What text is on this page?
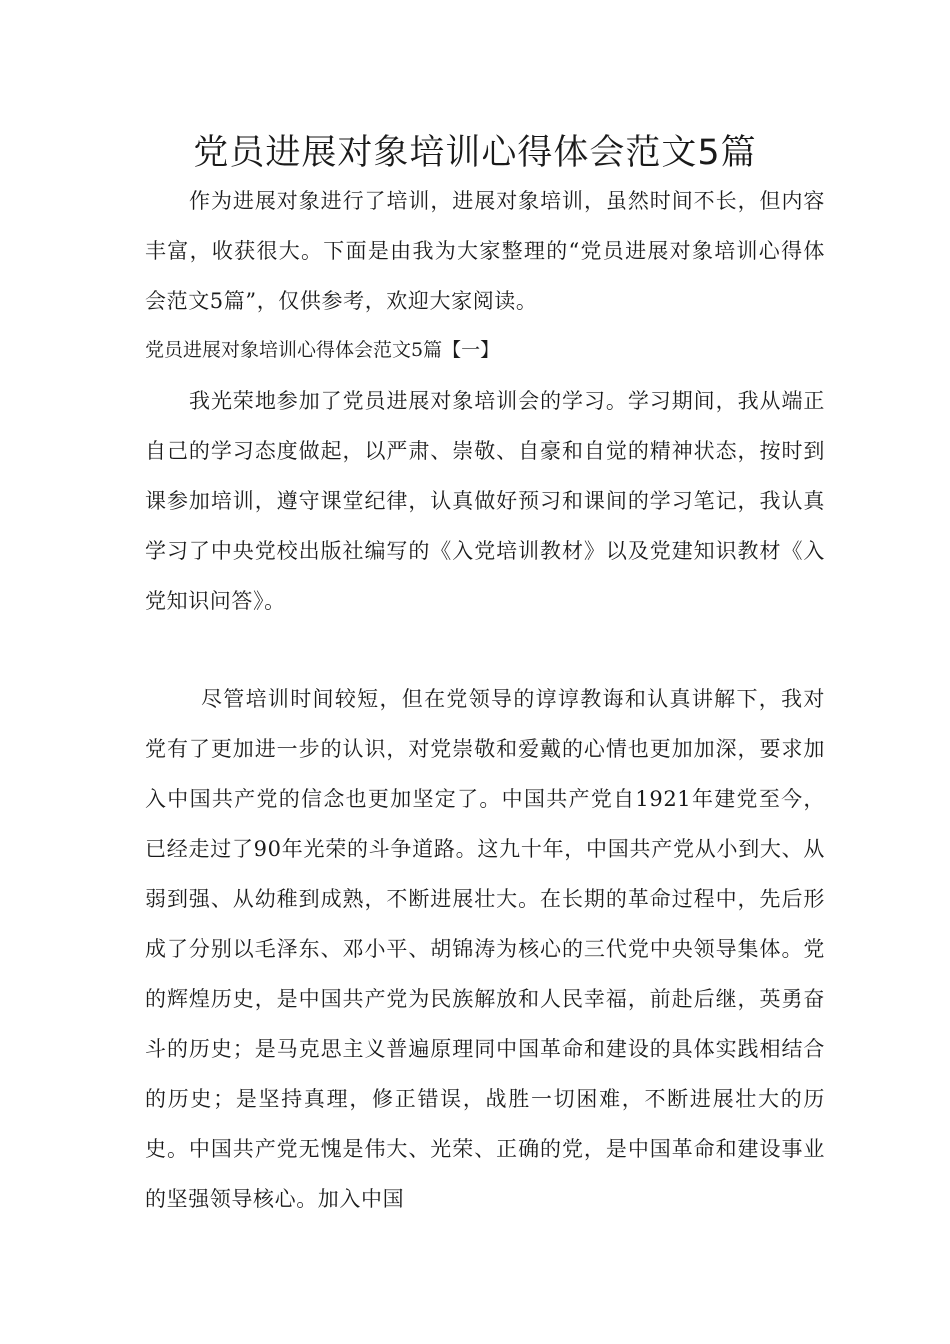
党员进展对象培训心得体会范文5篇

作为进展对象进行了培训，进展对象培训，虽然时间不长，但内容丰富，收获很大。下面是由我为大家整理的“党员进展对象培训心得体会范文5篇”，仅供参考，欢迎大家阅读。

党员进展对象培训心得体会范文5篇【一】

我光荣地参加了党员进展对象培训会的学习。学习期间，我从端正自己的学习态度做起，以严肃、崇敬、自豪和自觉的精神状态，按时到课参加培训，遵守课堂纪律，认真做好预习和课间的学习笔记，我认真学习了中央党校出版社编写的《入党培训教材》以及党建知识教材《入党知识问答》。

尽管培训时间较短，但在党领导的谆谆教诲和认真讲解下，我对党有了更加进一步的认识，对党崇敬和爱戴的心情也更加加深，要求加入中国共产党的信念也更加坚定了。中国共产党自1921年建党至今，已经走过了90年光荣的斗争道路。这九十年，中国共产党从小到大、从弱到强、从幼稚到成熟，不断进展壮大。在长期的革命过程中，先后形成了分别以毛泽东、邓小平、胡锦涛为核心的三代党中央领导集体。党的辉煌历史，是中国共产党为民族解放和人民幸福，前赴后继，英勇奋斗的历史；是马克思主义普遍原理同中国革命和建设的具体实践相结合的历史；是坚持真理，修正错误，战胜一切困难，不断进展壮大的历史。中国共产党无愧是伟大、光荣、正确的党，是中国革命和建设事业的坚强领导核心。加入中国
